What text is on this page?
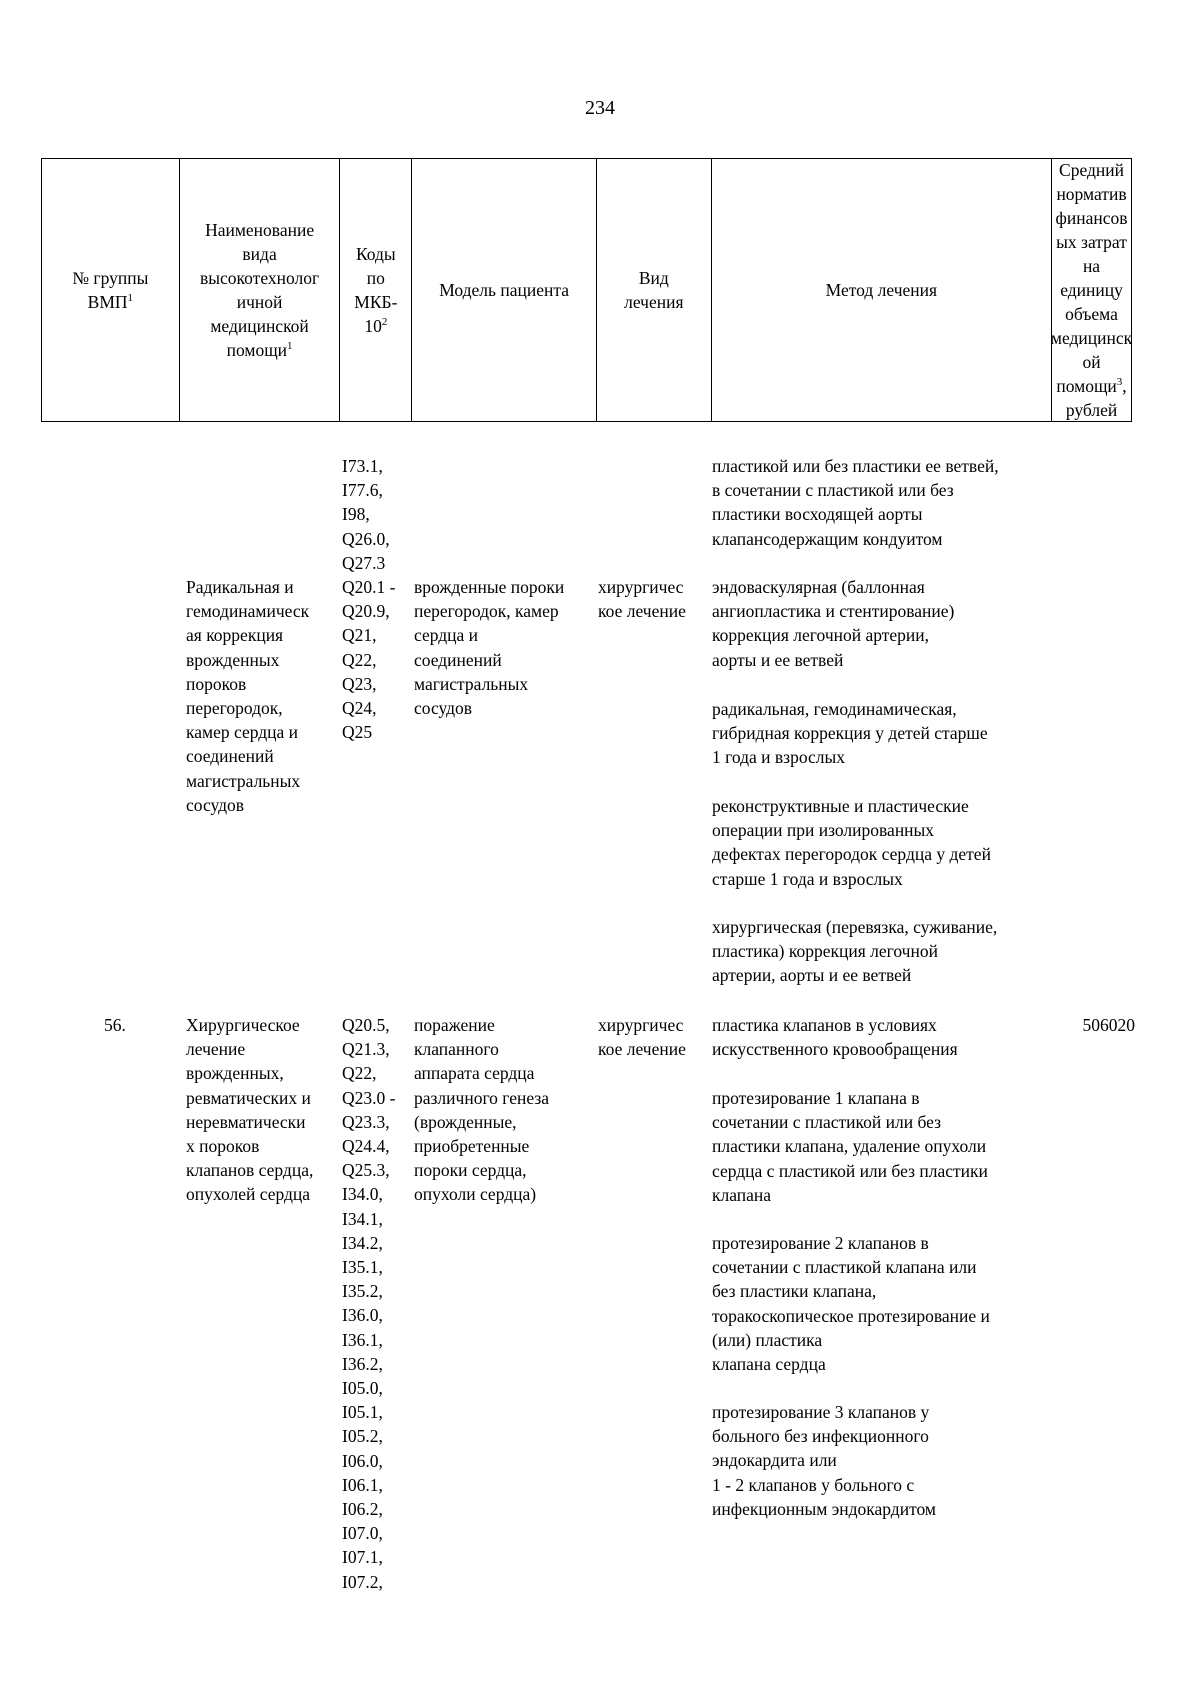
234
№ группы
ВМП$^1$
Наименование
вида
высокотехнолог
ичной
медицинской
помощи$^1$
Коды
по
МКБ-
$10^2$
Модель пациента
Вид
лечения
Метод лечения
Средний
норматив
финансов
ых затрат
на
единицу
объема
медицинск
ой
помощи$^3$,
рублей
I73.1,
I77.6,
I98,
Q26.0,
Q27.3
пластикой или без пластики ее ветвей,
в сочетании с пластикой или без
пластики восходящей аорты
клапансодержащим кондуитом
Радикальная и
гемодинамическ
ая коррекция
врожденных
пороков
перегородок,
камер сердца и
соединений
магистральных
сосудов
Q20.1 -
Q20.9,
Q21,
Q22,
Q23,
Q24,
Q25
врожденные пороки
перегородок, камер
сердца и
соединений
магистральных
сосудов
хирургичес
кое лечение
эндоваскулярная (баллонная
ангиопластика и стентирование)
коррекция легочной артерии,
аорты и ее ветвей
радикальная, гемодинамическая,
гибридная коррекция у детей старше
1 года и взрослых
реконструктивные и пластические
операции при изолированных
дефектах перегородок сердца у детей
старше 1 года и взрослых
хирургическая (перевязка, суживание,
пластика) коррекция легочной
артерии, аорты и ее ветвей
56.	Хирургическое
лечение
врожденных,
ревматических и
неревматически
х пороков
клапанов сердца,
опухолей сердца
Q20.5,
Q21.3,
Q22,
Q23.0 -
Q23.3,
Q24.4,
Q25.3,
I34.0,
I34.1,
I34.2,
I35.1,
I35.2,
I36.0,
I36.1,
I36.2,
I05.0,
I05.1,
I05.2,
I06.0,
I06.1,
I06.2,
I07.0,
I07.1,
I07.2,
поражение
клапанного
аппарата сердца
различного генеза
(врожденные,
приобретенные
пороки сердца,
опухоли сердца)
хирургичес
кое лечение
пластика клапанов в условиях
искусственного кровообращения
протезирование 1 клапана в
сочетании с пластикой или без
пластики клапана, удаление опухоли
сердца с пластикой или без пластики
клапана
протезирование 2 клапанов в
сочетании с пластикой клапана или
без пластики клапана,
торакоскопическое протезирование и
(или) пластика
клапана сердца
протезирование 3 клапанов у
больного без инфекционного
эндокардита или
1 - 2 клапанов у больного с
инфекционным эндокардитом
506020
